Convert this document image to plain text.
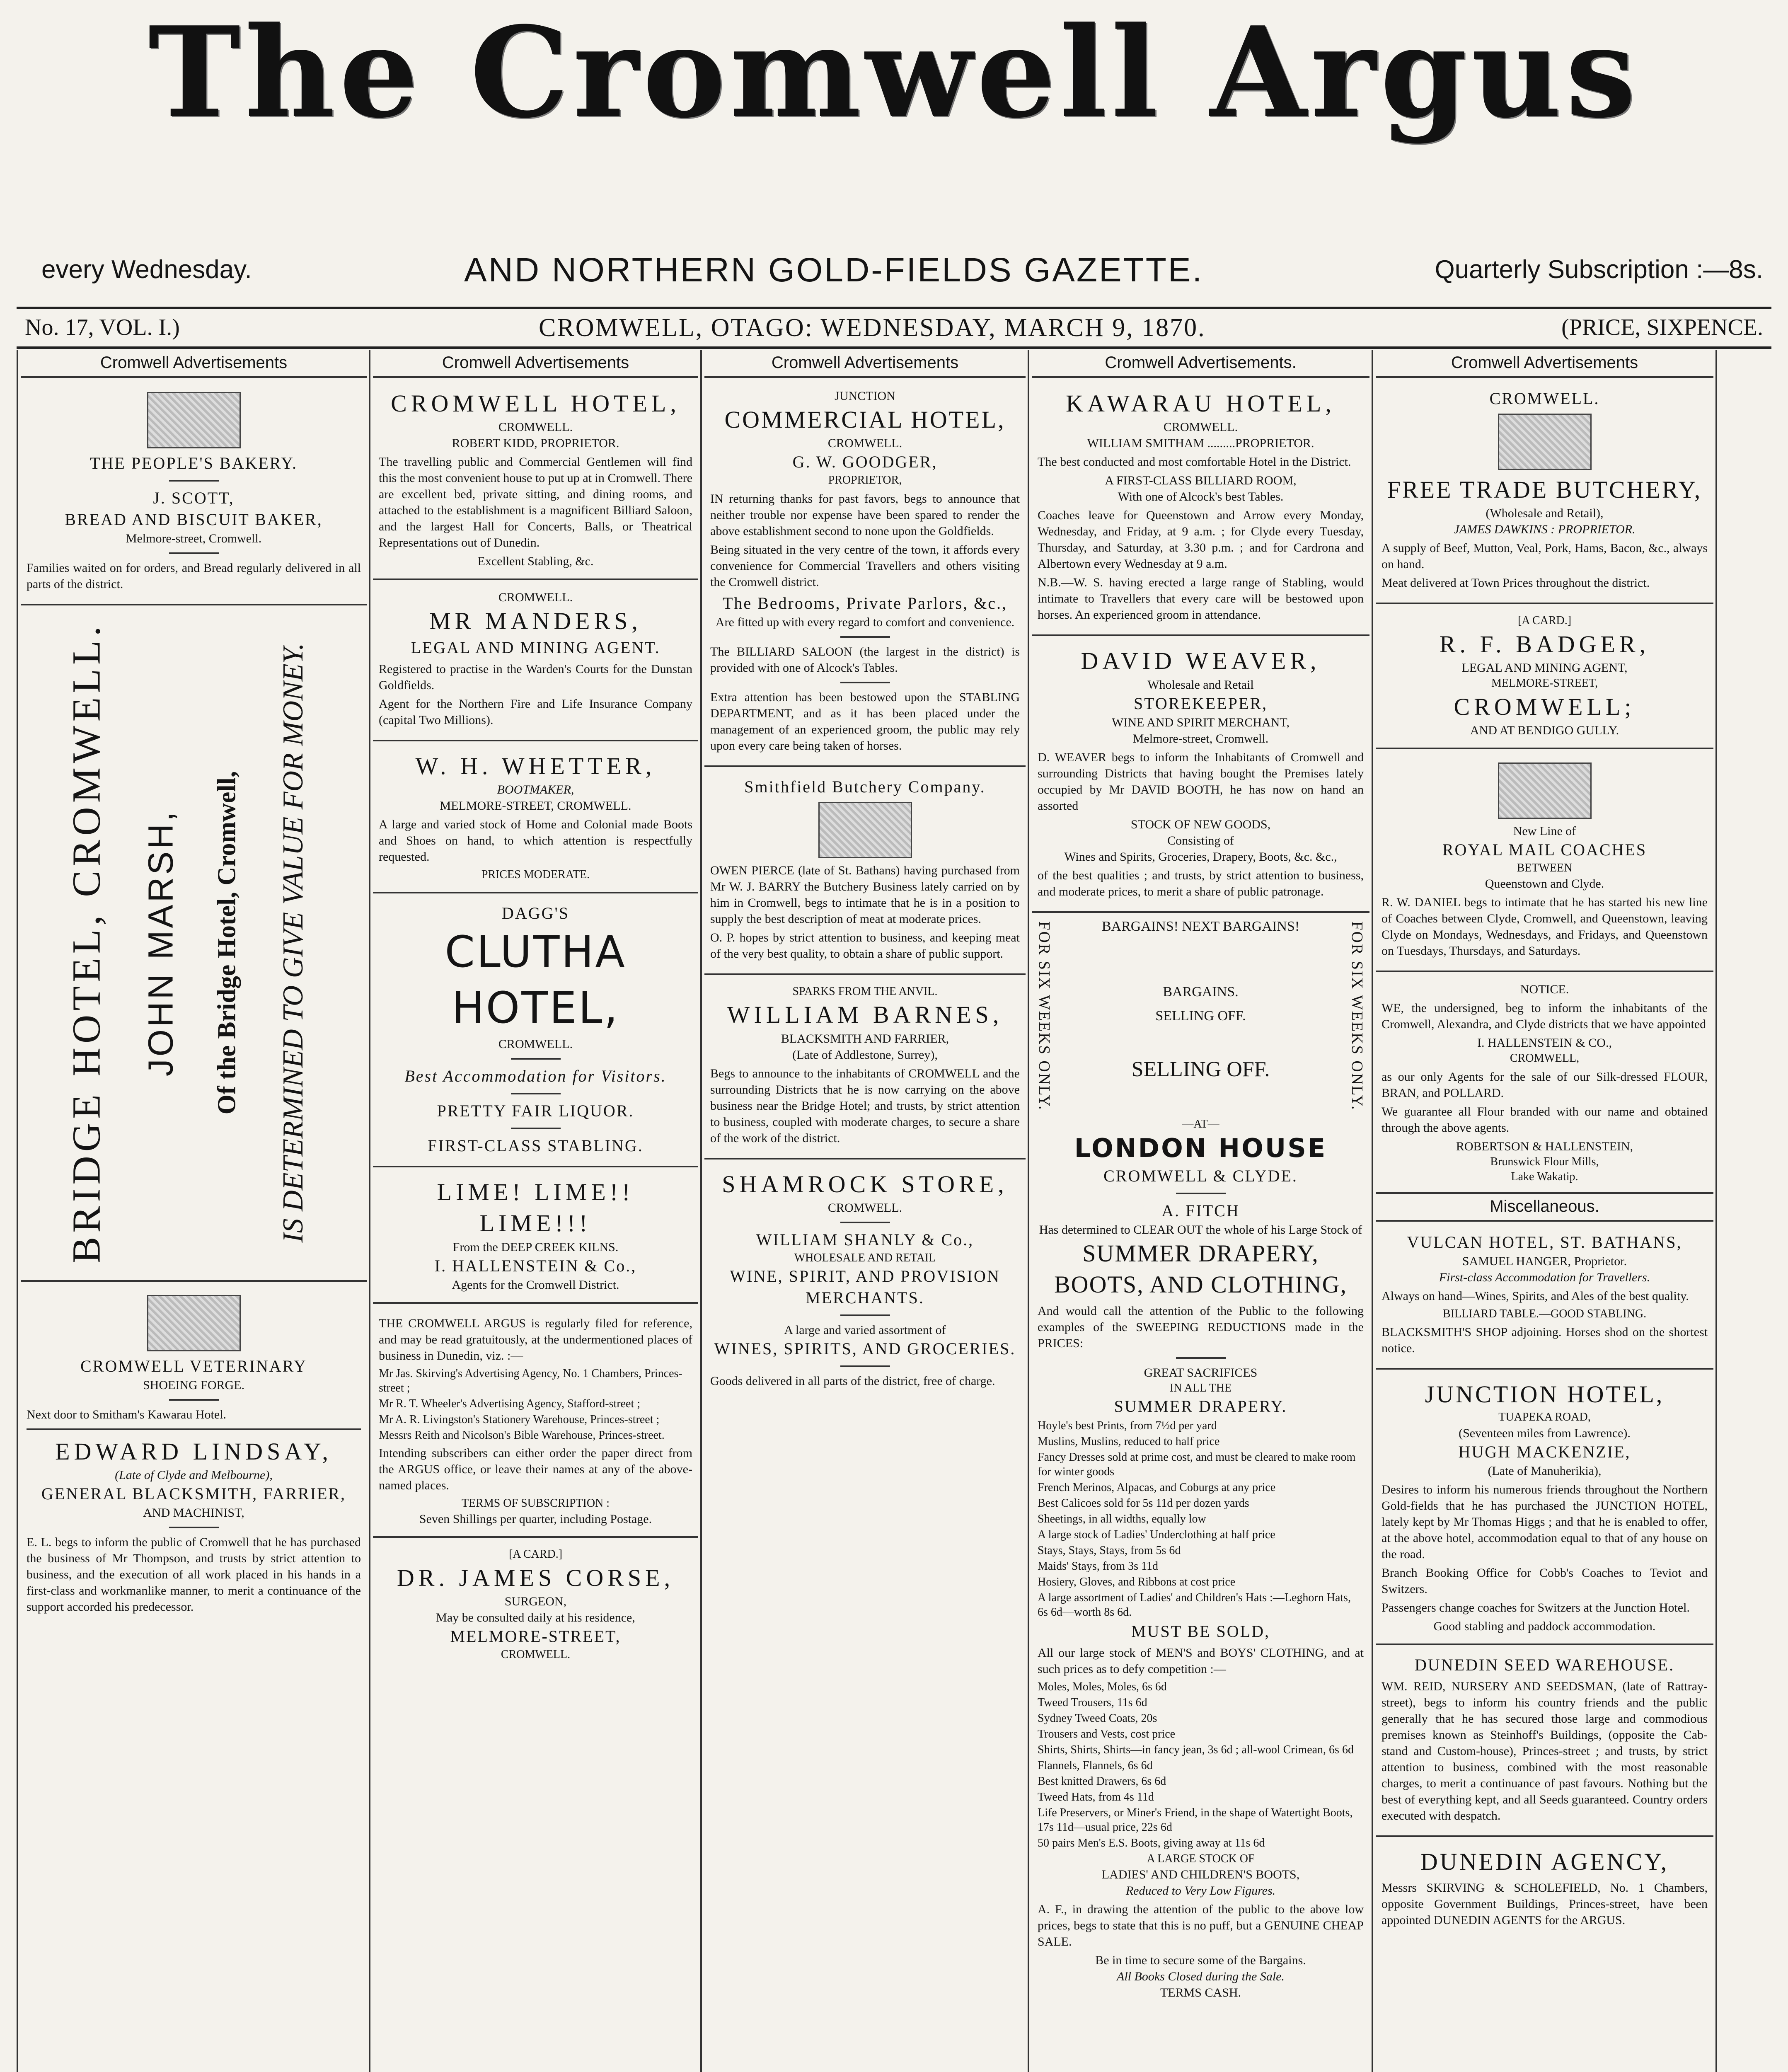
The Cromwell Argus
every Wednesday.	AND NORTHERN GOLD-FIELDS GAZETTE.	Quarterly Subscription :—8s.
No. 17, VOL. I.)	CROMWELL, OTAGO: WEDNESDAY, MARCH 9, 1870.	(PRICE, SIXPENCE.
Cromwell Advertisements
THE PEOPLE'S BAKERY.
J. SCOTT,
BREAD AND BISCUIT BAKER,
Melmore-street, Cromwell.

Families waited on for orders, and Bread regularly delivered in all parts of the district.

BRIDGE HOTEL, CROMWELL. JOHN MARSH, Of the Bridge Hotel, Cromwell, IS DETERMINED TO GIVE VALUE FOR MONEY.
CROMWELL VETERINARY
SHOEING FORGE.

Next door to Smitham's Kawarau Hotel.

EDWARD LINDSAY,
(Late of Clyde and Melbourne),
GENERAL BLACKSMITH, FARRIER,
AND MACHINIST,

E. L. begs to inform the public of Cromwell that he has purchased the business of Mr Thompson, and trusts by strict attention to business, and the execution of all work placed in his hands in a first-class and workmanlike manner, to merit a continuance of the support accorded his predecessor.

Cromwell Advertisements
CROMWELL HOTEL,
CROMWELL.
ROBERT KIDD, PROPRIETOR.

The travelling public and Commercial Gentlemen will find this the most convenient house to put up at in Cromwell. There are excellent bed, private sitting, and dining rooms, and attached to the establishment is a magnificent Billiard Saloon, and the largest Hall for Concerts, Balls, or Theatrical Representations out of Dunedin.

Excellent Stabling, &c.
CROMWELL.
MR MANDERS,
LEGAL AND MINING AGENT.

Registered to practise in the Warden's Courts for the Dunstan Goldfields.

Agent for the Northern Fire and Life Insurance Company (capital Two Millions).

W. H. WHETTER,
BOOTMAKER,
MELMORE-STREET, CROMWELL.

A large and varied stock of Home and Colonial made Boots and Shoes on hand, to which attention is respectfully requested.

PRICES MODERATE.
DAGG'S
CLUTHA HOTEL,
CROMWELL.
Best Accommodation for Visitors.
PRETTY FAIR LIQUOR.
FIRST-CLASS STABLING.
LIME! LIME!! LIME!!!
From the DEEP CREEK KILNS.
I. HALLENSTEIN & Co.,
Agents for the Cromwell District.

THE CROMWELL ARGUS is regularly filed for reference, and may be read gratuitously, at the undermentioned places of business in Dunedin, viz. :—

Mr Jas. Skirving's Advertising Agency, No. 1 Chambers, Princes-street ;

Mr R. T. Wheeler's Advertising Agency, Stafford-street ;

Mr A. R. Livingston's Stationery Warehouse, Princes-street ;

Messrs Reith and Nicolson's Bible Warehouse, Princes-street.

Intending subscribers can either order the paper direct from the ARGUS office, or leave their names at any of the above-named places.

TERMS OF SUBSCRIPTION :
Seven Shillings per quarter, including Postage.
[A CARD.]
DR. JAMES CORSE,
SURGEON,
May be consulted daily at his residence,
MELMORE-STREET,
CROMWELL.
Cromwell Advertisements
JUNCTION
COMMERCIAL HOTEL,
CROMWELL.
G. W. GOODGER,
PROPRIETOR,

IN returning thanks for past favors, begs to announce that neither trouble nor expense have been spared to render the above establishment second to none upon the Goldfields.

Being situated in the very centre of the town, it affords every convenience for Commercial Travellers and others visiting the Cromwell district.

The Bedrooms, Private Parlors, &c.,
Are fitted up with every regard to comfort and convenience.

The BILLIARD SALOON (the largest in the district) is provided with one of Alcock's Tables.

Extra attention has been bestowed upon the STABLING DEPARTMENT, and as it has been placed under the management of an experienced groom, the public may rely upon every care being taken of horses.

Smithfield Butchery Company.

OWEN PIERCE (late of St. Bathans) having purchased from Mr W. J. BARRY the Butchery Business lately carried on by him in Cromwell, begs to intimate that he is in a position to supply the best description of meat at moderate prices.

O. P. hopes by strict attention to business, and keeping meat of the very best quality, to obtain a share of public support.

SPARKS FROM THE ANVIL.
WILLIAM BARNES,
BLACKSMITH AND FARRIER,
(Late of Addlestone, Surrey),

Begs to announce to the inhabitants of CROMWELL and the surrounding Districts that he is now carrying on the above business near the Bridge Hotel; and trusts, by strict attention to business, coupled with moderate charges, to secure a share of the work of the district.

SHAMROCK STORE,
CROMWELL.
WILLIAM SHANLY & Co.,
WHOLESALE AND RETAIL
WINE, SPIRIT, AND PROVISION
MERCHANTS.
A large and varied assortment of
WINES, SPIRITS, AND GROCERIES.

Goods delivered in all parts of the district, free of charge.

Cromwell Advertisements.
KAWARAU HOTEL,
CROMWELL.
WILLIAM SMITHAM .........PROPRIETOR.

The best conducted and most comfortable Hotel in the District.

A FIRST-CLASS BILLIARD ROOM,
With one of Alcock's best Tables.

Coaches leave for Queenstown and Arrow every Monday, Wednesday, and Friday, at 9 a.m. ; for Clyde every Tuesday, Thursday, and Saturday, at 3.30 p.m. ; and for Cardrona and Albertown every Wednesday at 9 a.m.

N.B.—W. S. having erected a large range of Stabling, would intimate to Travellers that every care will be bestowed upon horses. An experienced groom in attendance.

DAVID WEAVER,
Wholesale and Retail
STOREKEEPER,
WINE AND SPIRIT MERCHANT,
Melmore-street, Cromwell.

D. WEAVER begs to inform the Inhabitants of Cromwell and surrounding Districts that having bought the Premises lately occupied by Mr DAVID BOOTH, he has now on hand an assorted

STOCK OF NEW GOODS,
Consisting of
Wines and Spirits, Groceries, Drapery, Boots, &c. &c.,

of the best qualities ; and trusts, by strict attention to business, and moderate prices, to merit a share of public patronage.

FOR SIX WEEKS ONLY.	BARGAINS! NEXT BARGAINS!
BARGAINS.
SELLING OFF.
SELLING OFF.	FOR SIX WEEKS ONLY.
—AT—
LONDON HOUSE
CROMWELL & CLYDE.
A. FITCH
Has determined to CLEAR OUT the whole of his Large Stock of
SUMMER DRAPERY, BOOTS, AND CLOTHING,

And would call the attention of the Public to the following examples of the SWEEPING REDUCTIONS made in the PRICES:

GREAT SACRIFICES
IN ALL THE
SUMMER DRAPERY.

Hoyle's best Prints, from 7½d per yard

Muslins, Muslins, reduced to half price

Fancy Dresses sold at prime cost, and must be cleared to make room for winter goods

French Merinos, Alpacas, and Coburgs at any price

Best Calicoes sold for 5s 11d per dozen yards

Sheetings, in all widths, equally low

A large stock of Ladies' Underclothing at half price

Stays, Stays, Stays, from 5s 6d

Maids' Stays, from 3s 11d

Hosiery, Gloves, and Ribbons at cost price

A large assortment of Ladies' and Children's Hats :—Leghorn Hats, 6s 6d—worth 8s 6d.

MUST BE SOLD,

All our large stock of MEN'S and BOYS' CLOTHING, and at such prices as to defy competition :—

Moles, Moles, Moles, 6s 6d

Tweed Trousers, 11s 6d

Sydney Tweed Coats, 20s

Trousers and Vests, cost price

Shirts, Shirts, Shirts—in fancy jean, 3s 6d ; all-wool Crimean, 6s 6d

Flannels, Flannels, 6s 6d

Best knitted Drawers, 6s 6d

Tweed Hats, from 4s 11d

Life Preservers, or Miner's Friend, in the shape of Watertight Boots, 17s 11d—usual price, 22s 6d

50 pairs Men's E.S. Boots, giving away at 11s 6d

A LARGE STOCK OF
LADIES' AND CHILDREN'S BOOTS,
Reduced to Very Low Figures.

A. F., in drawing the attention of the public to the above low prices, begs to state that this is no puff, but a GENUINE CHEAP SALE.

Be in time to secure some of the Bargains.
All Books Closed during the Sale.
TERMS CASH.
Cromwell Advertisements
CROMWELL.
FREE TRADE BUTCHERY,
(Wholesale and Retail),
JAMES DAWKINS : PROPRIETOR.

A supply of Beef, Mutton, Veal, Pork, Hams, Bacon, &c., always on hand.

Meat delivered at Town Prices throughout the district.

[A CARD.]
R. F. BADGER,
LEGAL AND MINING AGENT,
MELMORE-STREET,
CROMWELL;
AND AT BENDIGO GULLY.
New Line of
ROYAL MAIL COACHES
BETWEEN
Queenstown and Clyde.

R. W. DANIEL begs to intimate that he has started his new line of Coaches between Clyde, Cromwell, and Queenstown, leaving Clyde on Mondays, Wednesdays, and Fridays, and Queenstown on Tuesdays, Thursdays, and Saturdays.

NOTICE.

WE, the undersigned, beg to inform the inhabitants of the Cromwell, Alexandra, and Clyde districts that we have appointed

I. HALLENSTEIN & CO.,
CROMWELL,

as our only Agents for the sale of our Silk-dressed FLOUR, BRAN, and POLLARD.

We guarantee all Flour branded with our name and obtained through the above agents.

ROBERTSON & HALLENSTEIN,
Brunswick Flour Mills,
Lake Wakatip.
Miscellaneous.
VULCAN HOTEL, ST. BATHANS,
SAMUEL HANGER, Proprietor.
First-class Accommodation for Travellers.

Always on hand—Wines, Spirits, and Ales of the best quality.

BILLIARD TABLE.—GOOD STABLING.

BLACKSMITH'S SHOP adjoining. Horses shod on the shortest notice.

JUNCTION HOTEL,
TUAPEKA ROAD,
(Seventeen miles from Lawrence).
HUGH MACKENZIE,
(Late of Manuherikia),

Desires to inform his numerous friends throughout the Northern Gold-fields that he has purchased the JUNCTION HOTEL, lately kept by Mr Thomas Higgs ; and that he is enabled to offer, at the above hotel, accommodation equal to that of any house on the road.

Branch Booking Office for Cobb's Coaches to Teviot and Switzers.

Passengers change coaches for Switzers at the Junction Hotel.

Good stabling and paddock accommodation.
DUNEDIN SEED WAREHOUSE.

WM. REID, NURSERY AND SEEDSMAN, (late of Rattray-street), begs to inform his country friends and the public generally that he has secured those large and commodious premises known as Steinhoff's Buildings, (opposite the Cab-stand and Custom-house), Princes-street ; and trusts, by strict attention to business, combined with the most reasonable charges, to merit a continuance of past favours. Nothing but the best of everything kept, and all Seeds guaranteed. Country orders executed with despatch.

DUNEDIN AGENCY,

Messrs SKIRVING & SCHOLEFIELD, No. 1 Chambers, opposite Government Buildings, Princes-street, have been appointed DUNEDIN AGENTS for the ARGUS.
